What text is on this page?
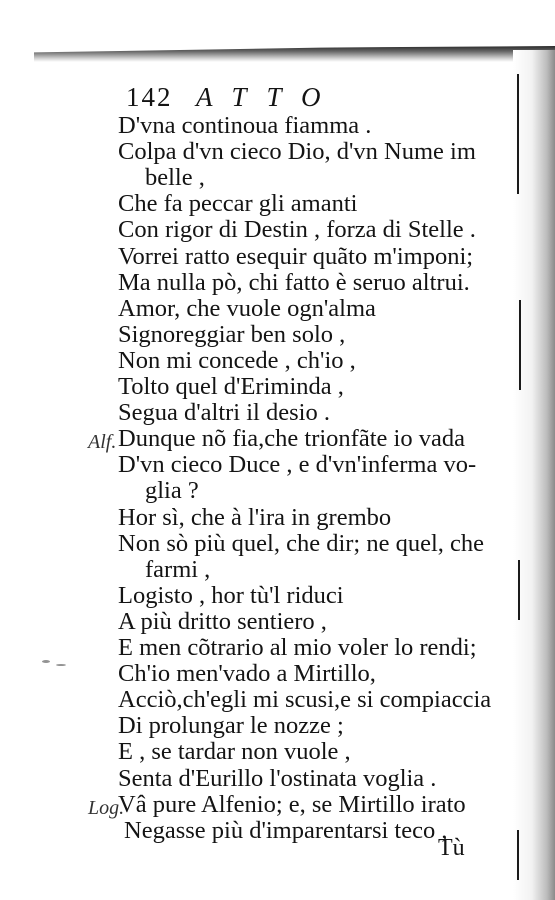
142 ATTO
D'vna continoua fiamma .
Colpa d'vn cieco Dio, d'vn Nume im
belle ,
Che fa peccar gli amanti
Con rigor di Destin , forza di Stelle .
Vorrei ratto esequir quãto m'imponi;
Ma nulla pò, chi fatto è seruo altrui.
Amor, che vuole ogn'alma
Signoreggiar ben solo ,
Non mi concede , ch'io ,
Tolto quel d'Eriminda ,
Segua d'altri il desio .
Alf. Dunque nõ fia,che trionfãte io vada
D'vn cieco Duce , e d'vn'inferma vo-
glia ?
Hor sì, che à l'ira in grembo
Non sò più quel, che dir; ne quel, che
farmi ,
Logisto , hor tù'l riduci
A più dritto sentiero ,
E men cõtrario al mio voler lo rendi;
Ch'io men'vado a Mirtillo,
Acciò,ch'egli mi scusi,e si compiaccia
Di prolungar le nozze ;
E , se tardar non vuole ,
Senta d'Eurillo l'ostinata voglia .
Log.
Vâ pure Alfenio; e, se Mirtillo irato
Negasse più d'imparentarsi teco ,
Tù
